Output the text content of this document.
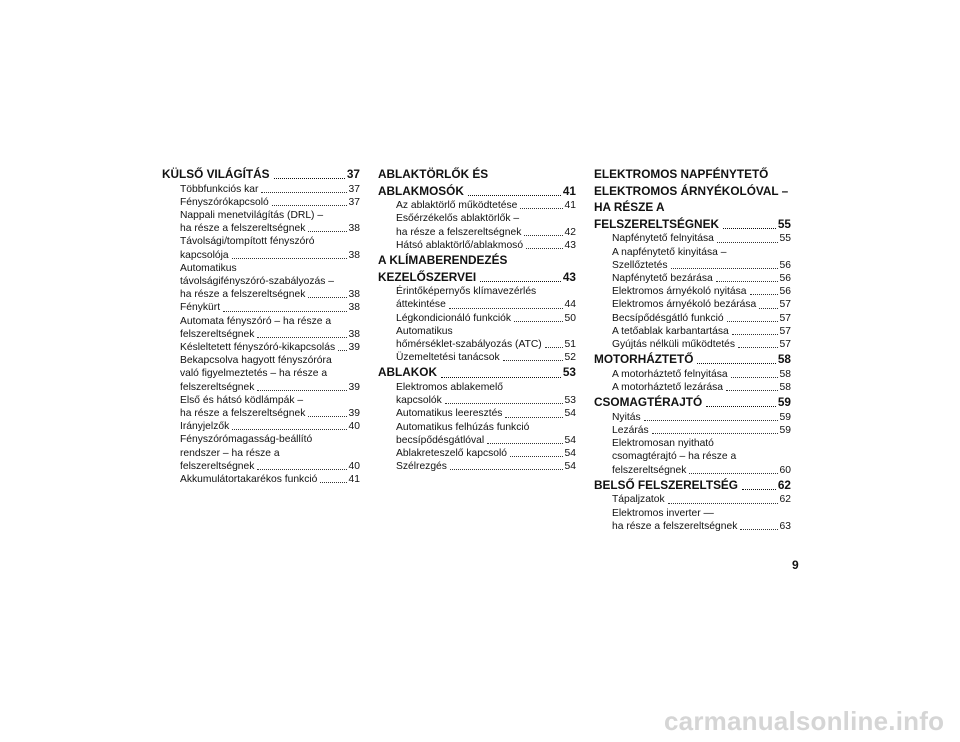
KÜLSŐ VILÁGÍTÁS	37
Többfunkciós kar	37
Fényszórókapcsoló	37
Nappali menetvilágítás (DRL) –
ha része a felszereltségnek	38
Távolsági/tompított fényszóró
kapcsolója	38
Automatikus
távolságifényszóró-szabályozás –
ha része a felszereltségnek	38
Fénykürt	38
Automata fényszóró – ha része a
felszereltségnek	38
Késleltetett fényszóró-kikapcsolás 39
Bekapcsolva hagyott fényszóróra
való figyelmeztetés – ha része a
felszereltségnek	39
Első és hátsó ködlámpák –
ha része a felszereltségnek	39
Irányjelzők	40
Fényszórómagasság-beállító
rendszer – ha része a
felszereltségnek	40
Akkumulátortakarékos funkció	41
ABLAKTÖRLŐK ÉS
ABLAKMOSÓK	41
Az ablaktörlő működtetése	41
Esőérzékelős ablaktörlők –
ha része a felszereltségnek	42
Hátsó ablaktörlő/ablakmosó	43
A KLÍMABERENDEZÉS
KEZELŐSZERVEI	43
Érintőképernyős klímavezérlés
áttekintése	44
Légkondicionáló funkciók	50
Automatikus
hőmérséklet-szabályozás (ATC) 51
Üzemeltetési tanácsok	52
ABLAKOK	53
Elektromos ablakemelő
kapcsolók	53
Automatikus leeresztés	54
Automatikus felhúzás funkció
becsípődésgátlóval	54
Ablakreteszelő kapcsoló	54
Szélrezgés	54
ELEKTROMOS NAPFÉNYTETŐ
ELEKTROMOS ÁRNYÉKOLÓVAL –
HA RÉSZE A
FELSZERELTSÉGNEK	55
Napfénytető felnyitása	55
A napfénytető kinyitása –
Szellőztetés	56
Napfénytető bezárása	56
Elektromos árnyékoló nyitása	56
Elektromos árnyékoló bezárása 57
Becsípődésgátló funkció	57
A tetőablak karbantartása	57
Gyújtás nélküli működtetés	57
MOTORHÁZTETŐ	58
A motorháztető felnyitása	58
A motorháztető lezárása	58
CSOMAGTÉRAJTÓ	59
Nyitás	59
Lezárás	59
Elektromosan nyitható
csomagtérajtó – ha része a
felszereltségnek	60
BELSŐ FELSZERELTSÉG	62
Tápaljzatok	62
Elektromos inverter —
ha része a felszereltségnek	63
9
carmanualsonline.info
